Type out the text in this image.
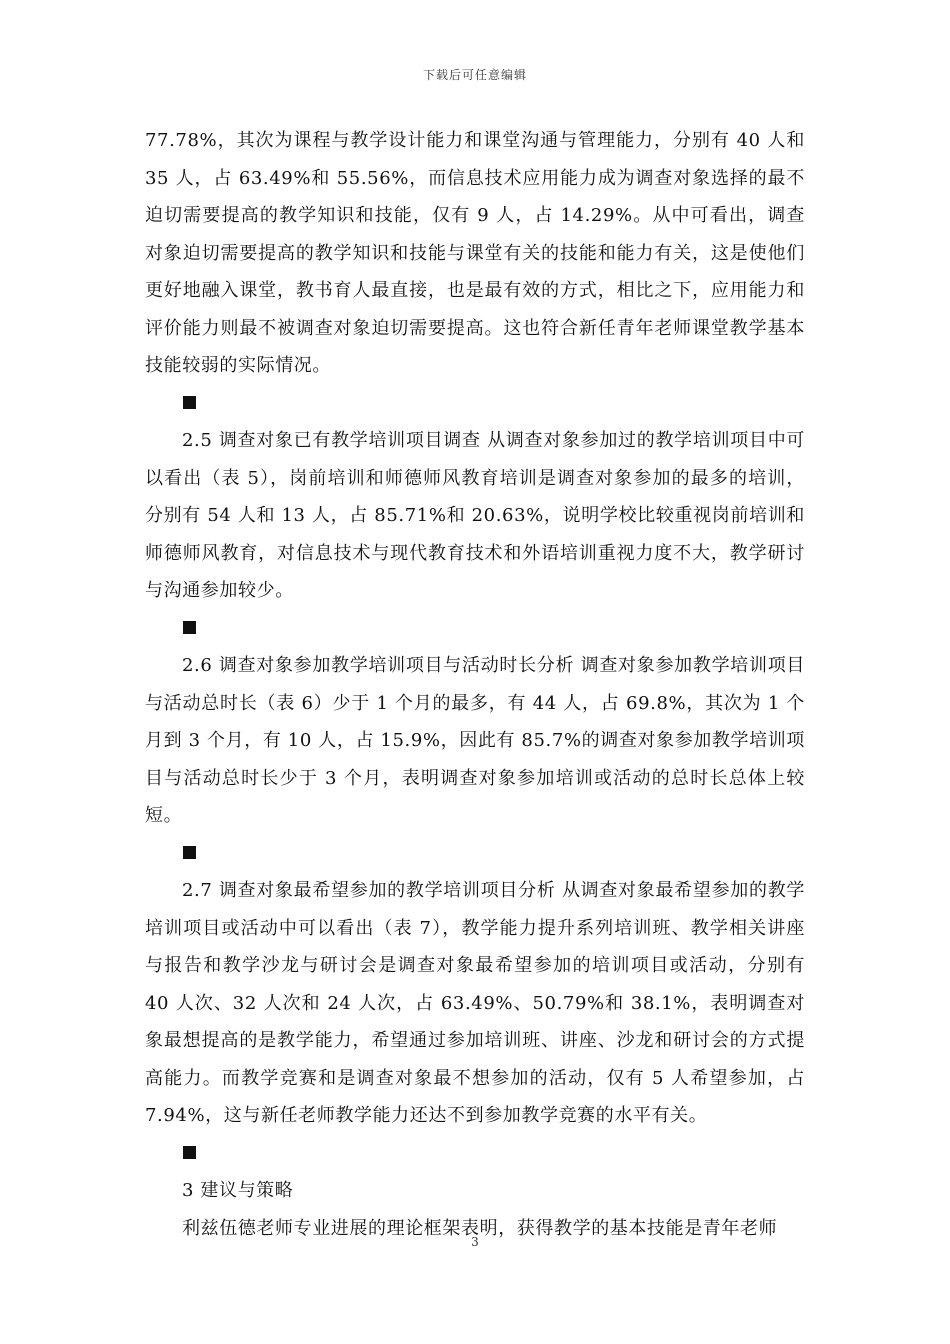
下载后可任意编辑

77.78%，其次为课程与教学设计能力和课堂沟通与管理能力，分别有 40 人和 35 人，占 63.49%和 55.56%，而信息技术应用能力成为调查对象选择的最不迫切需要提高的教学知识和技能，仅有 9 人，占 14.29%。从中可看出，调查对象迫切需要提高的教学知识和技能与课堂有关的技能和能力有关，这是使他们更好地融入课堂，教书育人最直接，也是最有效的方式，相比之下，应用能力和评价能力则最不被调查对象迫切需要提高。这也符合新任青年老师课堂教学基本技能较弱的实际情况。

2.5 调查对象已有教学培训项目调查 从调查对象参加过的教学培训项目中可以看出（表 5），岗前培训和师德师风教育培训是调查对象参加的最多的培训，分别有 54 人和 13 人，占 85.71%和 20.63%，说明学校比较重视岗前培训和师德师风教育，对信息技术与现代教育技术和外语培训重视力度不大，教学研讨与沟通参加较少。

2.6 调查对象参加教学培训项目与活动时长分析 调查对象参加教学培训项目与活动总时长（表 6）少于 1 个月的最多，有 44 人，占 69.8%，其次为 1 个月到 3 个月，有 10 人，占 15.9%，因此有 85.7%的调查对象参加教学培训项目与活动总时长少于 3 个月，表明调查对象参加培训或活动的总时长总体上较短。

2.7 调查对象最希望参加的教学培训项目分析 从调查对象最希望参加的教学培训项目或活动中可以看出（表 7），教学能力提升系列培训班、教学相关讲座与报告和教学沙龙与研讨会是调查对象最希望参加的培训项目或活动，分别有 40 人次、32 人次和 24 人次，占 63.49%、50.79%和 38.1%，表明调查对象最想提高的是教学能力，希望通过参加培训班、讲座、沙龙和研讨会的方式提高能力。而教学竞赛和是调查对象最不想参加的活动，仅有 5 人希望参加，占 7.94%，这与新任老师教学能力还达不到参加教学竞赛的水平有关。

3 建议与策略

利兹伍德老师专业进展的理论框架表明，获得教学的基本技能是青年老师

3
